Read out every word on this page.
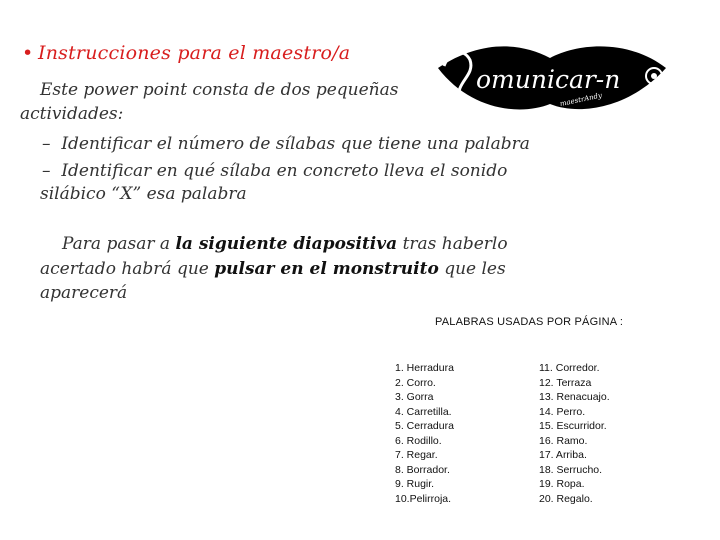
• Instrucciones para el maestro/a
Este power point consta de dos pequeñas
actividades:
–  Identificar el número de sílabas que tiene una palabra
–  Identificar en qué sílaba en concreto lleva el sonido
silábico “X” esa palabra
Para pasar a la siguiente diapositiva tras haberlo
acertado habrá que pulsar en el monstruito que les
aparecerá
omunicar-n
maestrAndy
PALABRAS USADAS POR PÁGINA :
1. Herradura
2. Corro.
3. Gorra
4. Carretilla.
5. Cerradura
6. Rodillo.
7. Regar.
8. Borrador.
9. Rugir.
10.Pelirroja.
11. Corredor.
12. Terraza
13. Renacuajo.
14. Perro.
15. Escurridor.
16. Ramo.
17. Arriba.
18. Serrucho.
19. Ropa.
20. Regalo.
